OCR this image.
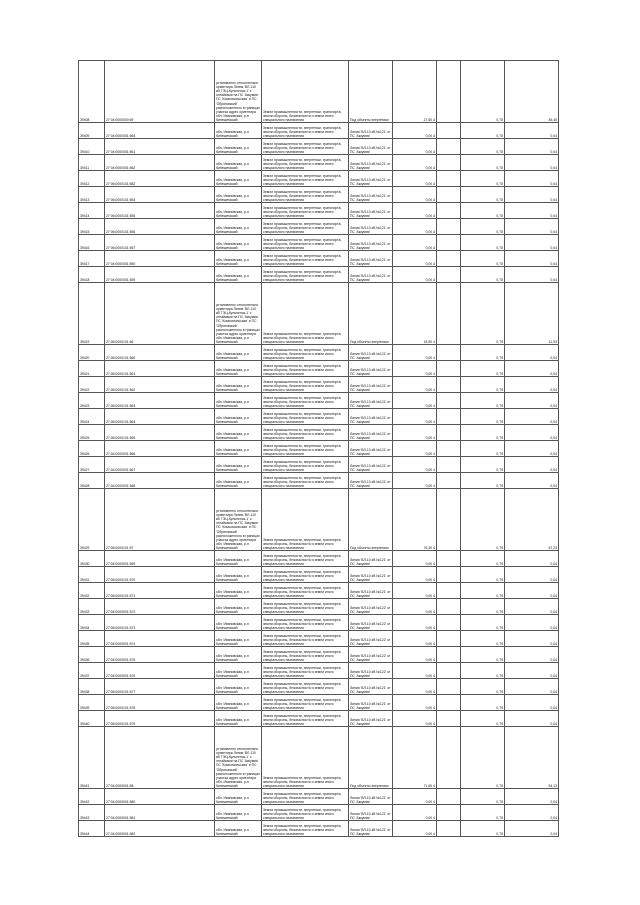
39408	27:04:0000000:69	установлено относительно ориентира Линия 'ВЛ-110 кВ ТЭЦ-Кульпенок-1' с отпайками на ПС 'Аккумия' ПС 'Комсомольская' и ПС 'Обряговский' расположенного в границах участка адрес ориентира обл. Ивановская, р-н Кинешемский	Земли промышленности, энергетики, транспорта, земли обороны, безопасности и земли иного специального назначения	Под объекты энергетики	27,60 4		0,75	45,45
39409	27:04:0000001:564	обл. Ивановская, р-н Кинешемский	Земли промышленности, энергетики, транспорта, земли обороны, безопасности и земли иного специального назначения	Линия 'ВЛ-10 кВ №121' от ПС 'Аккумия'	0,00 4		0,75	0,04
39410	27:04:0000001:561	обл. Ивановская, р-н Кинешемский	Земли промышленности, энергетики, транспорта, земли обороны, безопасности и земли иного специального назначения	Линия 'ВЛ-10 кВ №121' от ПС 'Аккумия'	0,00 4		0,75	0,04
39411	27:04:0000001:562	обл. Ивановская, р-н Кинешемский	Земли промышленности, энергетики, транспорта, земли обороны, безопасности и земли иного специального назначения	Линия 'ВЛ-10 кВ №121' от ПС 'Аккумия'	0,00 4		0,75	0,04
39412	27:06:0000101:582	обл. Ивановская, р-н Кинешемский	Земли промышленности, энергетики, транспорта, земли обороны, безопасности и земли иного специального назначения	Линия 'ВЛ-10 кВ №121' от ПС 'Аккумия'	0,00 4		0,75	0,04
39413	27:06:0000101:554	обл. Ивановская, р-н Кинешемский	Земли промышленности, энергетики, транспорта, земли обороны, безопасности и земли иного специального назначения	Линия 'ВЛ-10 кВ №121' от ПС 'Аккумия'	0,00 4		0,75	0,04
39414	27:06:0000101:555	обл. Ивановская, р-н Кинешемский	Земли промышленности, энергетики, транспорта, земли обороны, безопасности и земли иного специального назначения	Линия 'ВЛ-10 кВ №121' от ПС 'Аккумия'	0,00 4		0,75	0,04
39415	27:06:0000101:556	обл. Ивановская, р-н Кинешемский	Земли промышленности, энергетики, транспорта, земли обороны, безопасности и земли иного специального назначения	Линия 'ВЛ-10 кВ №121' от ПС 'Аккумия'	0,00 4		0,75	0,04
39416	27:06:0000101:557	обл. Ивановская, р-н Кинешемский	Земли промышленности, энергетики, транспорта, земли обороны, безопасности и земли иного специального назначения	Линия 'ВЛ-10 кВ №121' от ПС 'Аккумия'	0,00 4		0,75	0,04
39417	27:04:0000001:550	обл. Ивановская, р-н Кинешемский	Земли промышленности, энергетики, транспорта, земли обороны, безопасности и земли иного специального назначения	Линия 'ВЛ-10 кВ №121' от ПС 'Аккумия'	0,00 4		0,75	0,04
39418	27:04:0000001:559	обл. Ивановская, р-н Кинешемский	Земли промышленности, энергетики, транспорта, земли обороны, безопасности и земли иного специального назначения	Линия 'ВЛ-10 кВ №121' от ПС 'Аккумия'	0,00 4		0,75	0,04
39419	27:06:0000101:56	установлено относительно ориентира Линия 'ВЛ-110 кВ ТЭЦ-Кульпенок-1' с отпайками на ПС 'Аккумия' ПС 'Комсомольская' и ПС 'Обряговский' расположенного в границах участка адрес ориентира обл. Ивановская, р-н Кинешемский	Земли промышленности, энергетики, транспорта, земли обороны, безопасности и земли иного специального назначения	Под объекты энергетики	15,90 4		0,75	11,93
39420	27:06:0000101:560	обл. Ивановская, р-н Кинешемский	Земли промышленности, энергетики, транспорта, земли обороны, безопасности и земли иного специального назначения	Линия 'ВЛ-10 кВ №121' от ПС 'Аккумия'	0,00 4		0,75	0,04
39421	27:06:0000101:561	обл. Ивановская, р-н Кинешемский	Земли промышленности, энергетики, транспорта, земли обороны, безопасности и земли иного специального назначения	Линия 'ВЛ-10 кВ №121' от ПС 'Аккумия'	0,00 4		0,75	0,04
39422	27:06:0000101:562	обл. Ивановская, р-н Кинешемский	Земли промышленности, энергетики, транспорта, земли обороны, безопасности и земли иного специального назначения	Линия 'ВЛ-10 кВ №121' от ПС 'Аккумия'	0,00 4		0,75	0,04
39423	27:06:0000101:563	обл. Ивановская, р-н Кинешемский	Земли промышленности, энергетики, транспорта, земли обороны, безопасности и земли иного специального назначения	Линия 'ВЛ-10 кВ №121' от ПС 'Аккумия'	0,00 4		0,75	0,04
39424	27:06:0000101:564	обл. Ивановская, р-н Кинешемский	Земли промышленности, энергетики, транспорта, земли обороны, безопасности и земли иного специального назначения	Линия 'ВЛ-10 кВ №121' от ПС 'Аккумия'	0,00 4		0,75	0,04
39425	27:06:0000101:565	обл. Ивановская, р-н Кинешемский	Земли промышленности, энергетики, транспорта, земли обороны, безопасности и земли иного специального назначения	Линия 'ВЛ-10 кВ №121' от ПС 'Аккумия'	0,00 4		0,75	0,04
39426	27:04:0000001:566	обл. Ивановская, р-н Кинешемский	Земли промышленности, энергетики, транспорта, земли обороны, безопасности и земли иного специального назначения	Линия 'ВЛ-10 кВ №121' от ПС 'Аккумия'	0,00 4		0,75	0,04
39427	27:04:0000001:567	обл. Ивановская, р-н Кинешемский	Земли промышленности, энергетики, транспорта, земли обороны, безопасности и земли иного специального назначения	Линия 'ВЛ-10 кВ №121' от ПС 'Аккумия'	0,00 4		0,75	0,04
39428	27:04:0000001:568	обл. Ивановская, р-н Кинешемский	Земли промышленности, энергетики, транспорта, земли обороны, безопасности и земли иного специального назначения	Линия 'ВЛ-10 кВ №121' от ПС 'Аккумия'	0,00 4		0,75	0,04
39429	27:06:0000101:57	установлено относительно ориентира Линия 'ВЛ-110 кВ ТЭЦ-Кульпенок-1' с отпайками на ПС 'Аккумия' ПС 'Комсомольская' и ПС 'Обряговский' расположенного в границах участка адрес ориентира обл. Ивановская, р-н Кинешемский	Земли промышленности, энергетики, транспорта, земли обороны, безопасности и земли иного специального назначения	Под объекты энергетики	76,30 4		0,75	57,23
39430	27:04:0000001:569	обл. Ивановская, р-н Кинешемский	Земли промышленности, энергетики, транспорта, земли обороны, безопасности и земли иного специального назначения	Линия 'ВЛ-10 кВ №121' от ПС 'Аккумия'	0,00 4		0,75	0,04
39431	27:06:0000101:570	обл. Ивановская, р-н Кинешемский	Земли промышленности, энергетики, транспорта, земли обороны, безопасности и земли иного специального назначения	Линия 'ВЛ-10 кВ №121' от ПС 'Аккумия'	0,00 4		0,75	0,04
39432	27:06:0000101:571	обл. Ивановская, р-н Кинешемский	Земли промышленности, энергетики, транспорта, земли обороны, безопасности и земли иного специального назначения	Линия 'ВЛ-10 кВ №121' от ПС 'Аккумия'	0,00 4		0,75	0,04
39433	27:04:0000001:572	обл. Ивановская, р-н Кинешемский	Земли промышленности, энергетики, транспорта, земли обороны, безопасности и земли иного специального назначения	Линия 'ВЛ-10 кВ №122' от ПС 'Аккумия'	0,00 4		0,75	0,04
39434	27:06:0000101:573	обл. Ивановская, р-н Кинешемский	Земли промышленности, энергетики, транспорта, земли обороны, безопасности и земли иного специального назначения	Линия 'ВЛ-10 кВ №122' от ПС 'Аккумия'	0,00 4		0,75	0,04
39435	27:04:0000001:574	обл. Ивановская, р-н Кинешемский	Земли промышленности, энергетики, транспорта, земли обороны, безопасности и земли иного специального назначения	Линия 'ВЛ-10 кВ №122' от ПС 'Аккумия'	0,00 4		0,75	0,04
39436	27:04:0000001:575	обл. Ивановская, р-н Кинешемский	Земли промышленности, энергетики, транспорта, земли обороны, безопасности и земли иного специального назначения	Линия 'ВЛ-10 кВ №122' от ПС 'Аккумия'	0,00 4		0,75	0,04
39437	27:04:0000001:576	обл. Ивановская, р-н Кинешемский	Земли промышленности, энергетики, транспорта, земли обороны, безопасности и земли иного специального назначения	Линия 'ВЛ-10 кВ №122' от ПС 'Аккумия'	0,00 4		0,75	0,04
39438	27:06:0000101:577	обл. Ивановская, р-н Кинешемский	Земли промышленности, энергетики, транспорта, земли обороны, безопасности и земли иного специального назначения	Линия 'ВЛ-10 кВ №121' от ПС 'Аккумия'	0,00 4		0,75	0,04
39439	27:06:0000101:578	обл. Ивановская, р-н Кинешемский	Земли промышленности, энергетики, транспорта, земли обороны, безопасности и земли иного специального назначения	Линия 'ВЛ-10 кВ №121' от ПС 'Аккумия'	0,00 4		0,75	0,04
39440	27:06:0000101:579	обл. Ивановская, р-н Кинешемский	Земли промышленности, энергетики, транспорта, земли обороны, безопасности и земли иного специального назначения	Линия 'ВЛ-10 кВ №121' от ПС 'Аккумия'	0,00 4		0,75	0,04
39441	27:04:0000001:58	установлено относительно ориентира Линия 'ВЛ-110 кВ ТЭЦ-Кульпенок-1' с отпайками на ПС 'Аккумия' ПС 'Комсомольская' и ПС 'Обряговский' расположенного в границах участка адрес ориентира обл. Ивановская, р-н Кинешемский	Земли промышленности, энергетики, транспорта, земли обороны, безопасности и земли иного специального назначения	Под объекты энергетики	71,60 4		0,75	54,13
39442	27:04:0000001:580	обл. Ивановская, р-н Кинешемский	Земли промышленности, энергетики, транспорта, земли обороны, безопасности и земли иного специального назначения	Линия 'ВЛ-10 кВ №121' от ПС 'Аккумия'	0,00 4		0,75	0,04
39443	27:04:0000001:581	обл. Ивановская, р-н Кинешемский	Земли промышленности, энергетики, транспорта, земли обороны, безопасности и земли иного специального назначения	Линия 'ВЛ-10 кВ №121' от ПС 'Аккумия'	0,00 4		0,75	0,04
39444	27:04:0000001:582	обл. Ивановская, р-н Кинешемский	Земли промышленности, энергетики, транспорта, земли обороны, безопасности и земли иного специального назначения	Линия 'ВЛ-10 кВ №121' от ПС 'Аккумия'	0,00 4		0,75	0,04
